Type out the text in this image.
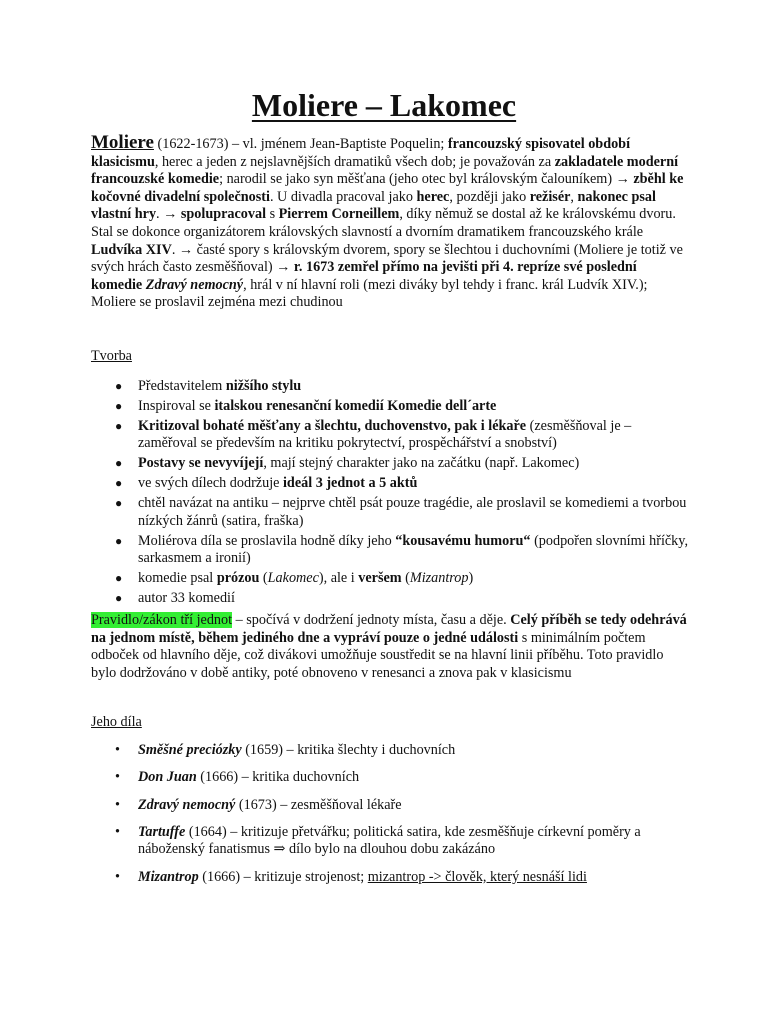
Moliere – Lakomec
Moliere (1622-1673) – vl. jménem Jean-Baptiste Poquelin; francouzský spisovatel období klasicismu, herec a jeden z nejslavnějších dramatiků všech dob; je považován za zakladatele moderní francouzské komedie; narodil se jako syn měšťana (jeho otec byl královským čalouníkem) → zběhl ke kočovné divadelní společnosti. U divadla pracoval jako herec, později jako režisér, nakonec psal vlastní hry. → spolupracoval s Pierrem Corneillem, díky němuž se dostal až ke královskému dvoru. Stal se dokonce organizátorem královských slavností a dvorním dramatikem francouzského krále Ludvíka XIV. → časté spory s královským dvorem, spory se šlechtou i duchovními (Moliere je totiž ve svých hrách často zesměšňoval) → r. 1673 zemřel přímo na jevišti při 4. repríze své poslední komedie Zdravý nemocný, hrál v ní hlavní roli (mezi diváky byl tehdy i franc. král Ludvík XIV.); Moliere se proslavil zejména mezi chudinou
Tvorba
● Představitelem nižšího stylu
● Inspiroval se italskou renesanční komedií Komedie dell´arte
● Kritizoval bohaté měšťany a šlechtu, duchovenstvo, pak i lékaře (zesměšňoval je – zaměřoval se především na kritiku pokrytectví, prospěchářství a snobství)
● Postavy se nevyvíjejí, mají stejný charakter jako na začátku (např. Lakomec)
● ve svých dílech dodržuje ideál 3 jednot a 5 aktů
● chtěl navázat na antiku – nejprve chtěl psát pouze tragédie, ale proslavil se komediemi a tvorbou nízkých žánrů (satira, fraška)
● Moliérova díla se proslavila hodně díky jeho “kousavému humoru“ (podpořen slovními hříčky, sarkasmem a ironií)
● komedie psal prózou (Lakomec), ale i veršem (Mizantrop)
● autor 33 komedií
Pravidlo/zákon tří jednot – spočívá v dodržení jednoty místa, času a děje. Celý příběh se tedy odehrává na jednom místě, během jediného dne a vypráví pouze o jedné události s minimálním počtem odboček od hlavního děje, což divákovi umožňuje soustředit se na hlavní linii příběhu. Toto pravidlo bylo dodržováno v době antiky, poté obnoveno v renesanci a znova pak v klasicismu
Jeho díla
• Směšné preciózky (1659) – kritika šlechty i duchovních
• Don Juan (1666) – kritika duchovních
• Zdravý nemocný (1673) – zesměšňoval lékaře
• Tartuffe (1664) – kritizuje přetvářku; politická satira, kde zesměšňuje církevní poměry a náboženský fanatismus ⇒ dílo bylo na dlouhou dobu zakázáno
• Mizantrop (1666) – kritizuje strojenost; mizantrop -> člověk, který nesnáší lidi
